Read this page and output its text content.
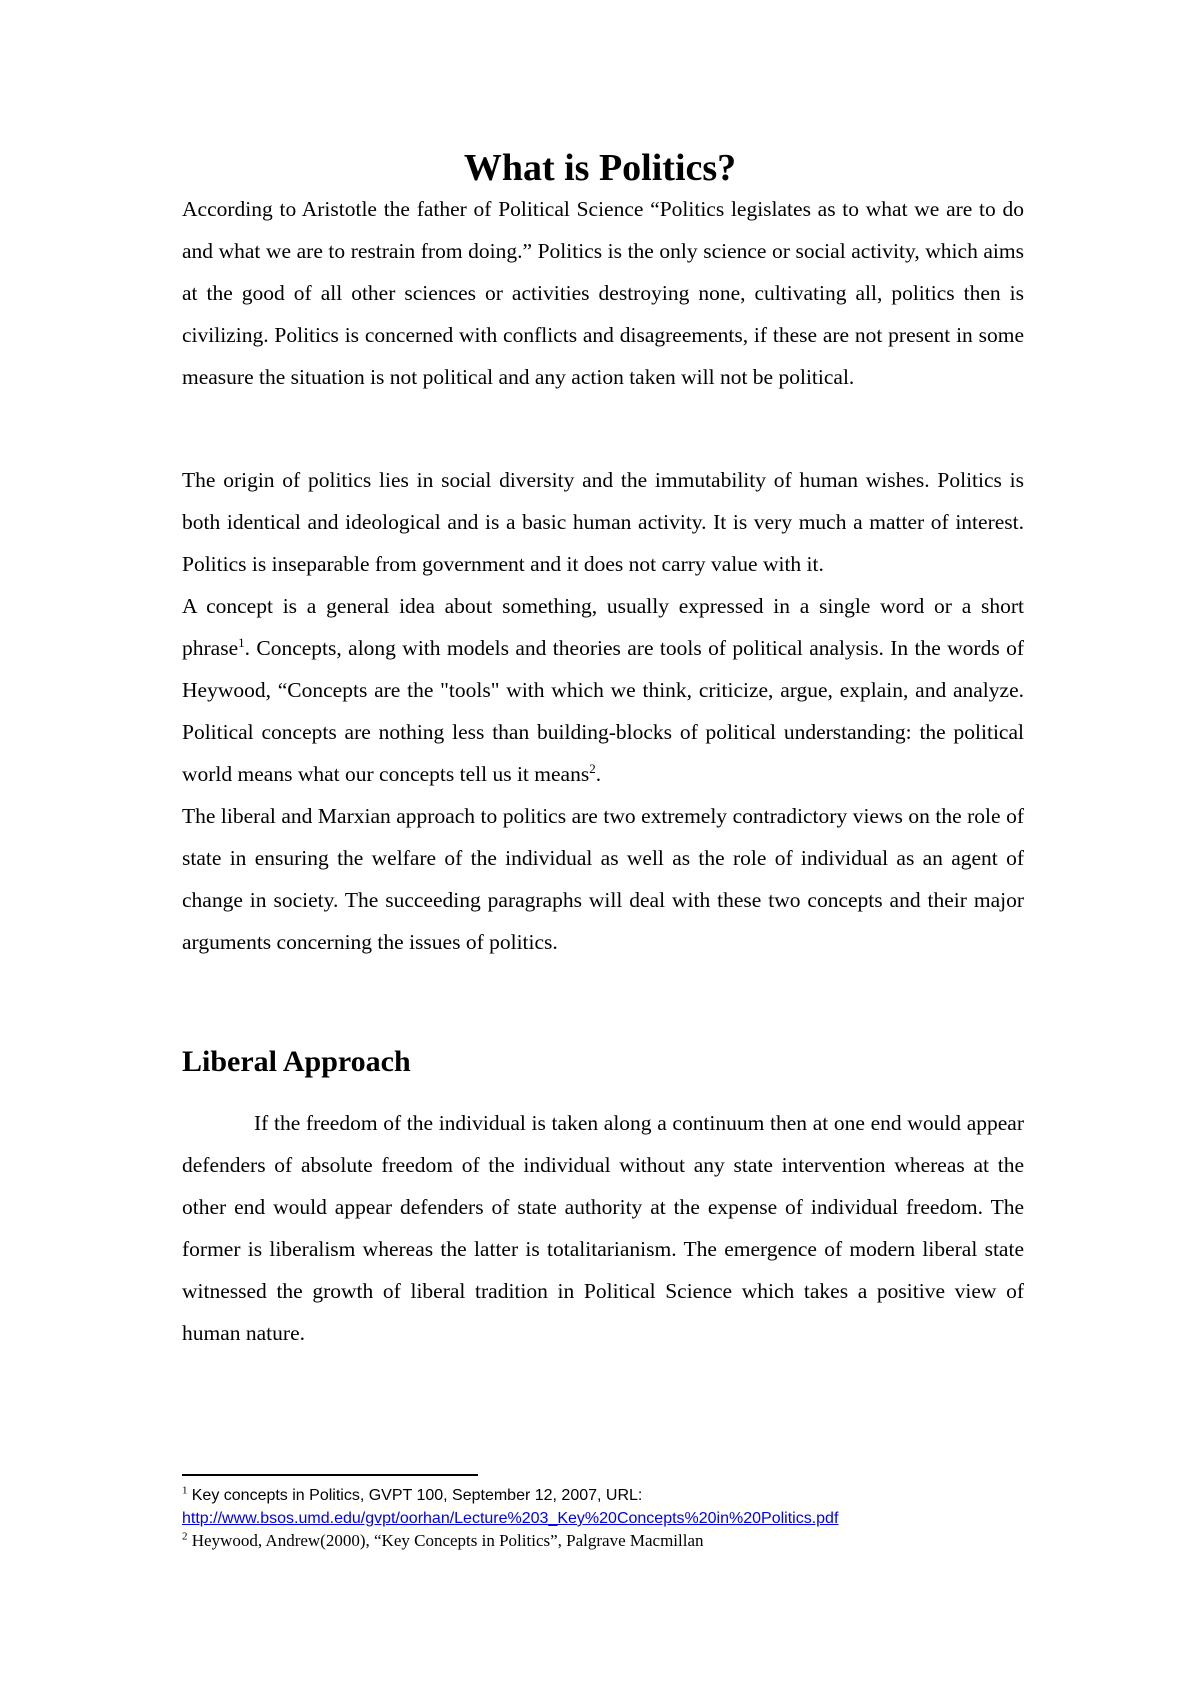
What is Politics?

According to Aristotle the father of Political Science “Politics legislates as to what we are to do and what we are to restrain from doing.” Politics is the only science or social activity, which aims at the good of all other sciences or activities destroying none, cultivating all, politics then is civilizing. Politics is concerned with conflicts and disagreements, if these are not present in some measure the situation is not political and any action taken will not be political.

The origin of politics lies in social diversity and the immutability of human wishes. Politics is both identical and ideological and is a basic human activity. It is very much a matter of interest. Politics is inseparable from government and it does not carry value with it.

A concept is a general idea about something, usually expressed in a single word or a short phrase$^1$. Concepts, along with models and theories are tools of political analysis. In the words of Heywood, “Concepts are the "tools" with which we think, criticize, argue, explain, and analyze. Political concepts are nothing less than building-blocks of political understanding: the political world means what our concepts tell us it means$^2$.

The liberal and Marxian approach to politics are two extremely contradictory views on the role of state in ensuring the welfare of the individual as well as the role of individual as an agent of change in society. The succeeding paragraphs will deal with these two concepts and their major arguments concerning the issues of politics.

Liberal Approach

If the freedom of the individual is taken along a continuum then at one end would appear defenders of absolute freedom of the individual without any state intervention whereas at the other end would appear defenders of state authority at the expense of individual freedom. The former is liberalism whereas the latter is totalitarianism. The emergence of modern liberal state witnessed the growth of liberal tradition in Political Science which takes a positive view of human nature.

$^1$ Key concepts in Politics, GVPT 100, September 12, 2007, URL:

http://www.bsos.umd.edu/gvpt/oorhan/Lecture%203_Key%20Concepts%20in%20Politics.pdf

$^2$ Heywood, Andrew(2000), “Key Concepts in Politics”, Palgrave Macmillan
